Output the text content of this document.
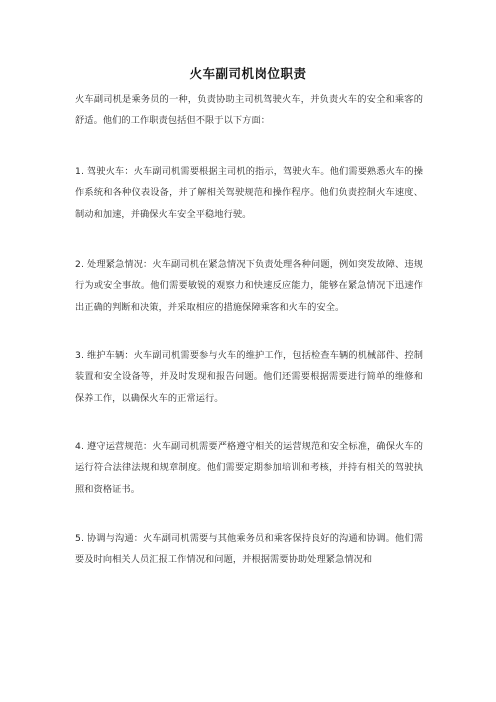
火车副司机岗位职责
火车副司机是乘务员的一种，负责协助主司机驾驶火车，并负责火车的安全和乘客的舒适。他们的工作职责包括但不限于以下方面：
1. 驾驶火车：火车副司机需要根据主司机的指示，驾驶火车。他们需要熟悉火车的操作系统和各种仪表设备，并了解相关驾驶规范和操作程序。他们负责控制火车速度、制动和加速，并确保火车安全平稳地行驶。
2. 处理紧急情况：火车副司机在紧急情况下负责处理各种问题，例如突发故障、违规行为或安全事故。他们需要敏锐的观察力和快速反应能力，能够在紧急情况下迅速作出正确的判断和决策，并采取相应的措施保障乘客和火车的安全。
3. 维护车辆：火车副司机需要参与火车的维护工作，包括检查车辆的机械部件、控制装置和安全设备等，并及时发现和报告问题。他们还需要根据需要进行简单的维修和保养工作，以确保火车的正常运行。
4. 遵守运营规范：火车副司机需要严格遵守相关的运营规范和安全标准，确保火车的运行符合法律法规和规章制度。他们需要定期参加培训和考核，并持有相关的驾驶执照和资格证书。
5. 协调与沟通：火车副司机需要与其他乘务员和乘客保持良好的沟通和协调。他们需要及时向相关人员汇报工作情况和问题，并根据需要协助处理紧急情况和
